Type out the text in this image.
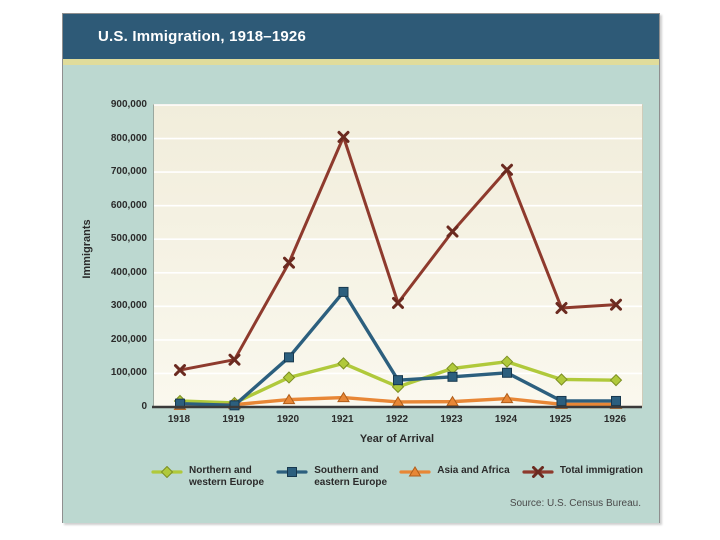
U.S. Immigration, 1918–1926
Immigrants
0
100,000
200,000
300,000
400,000
500,000
600,000
700,000
800,000
900,000
1918	1919	1920	1921	1922	1923	1924	1925	1926
Year of Arrival
Northern and
western Europe
Southern and
eastern Europe
Asia and Africa	Total immigration
Source: U.S. Census Bureau.
